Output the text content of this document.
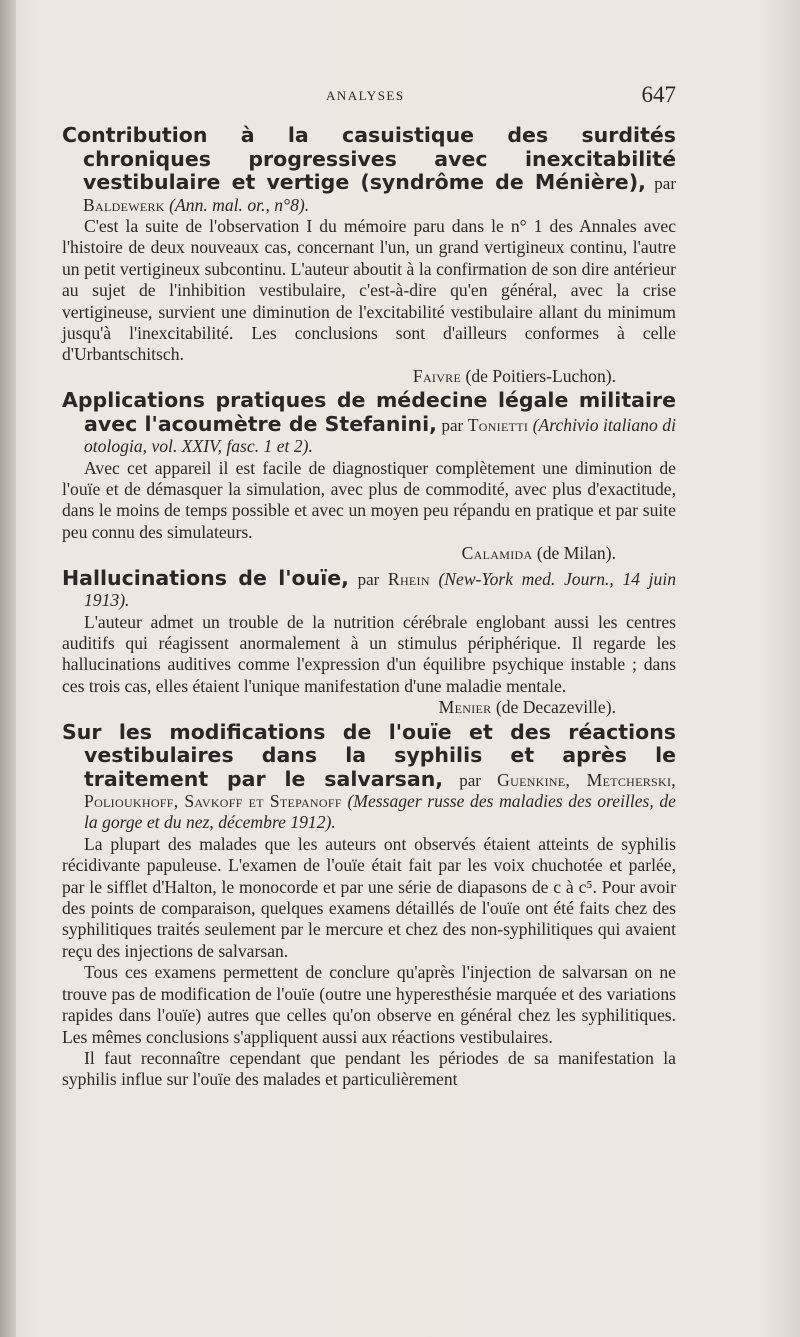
ANALYSES	647

Contribution à la casuistique des surdités chroniques progressives avec inexcitabilité vestibulaire et vertige (syndrôme de Ménière), par Baldewerk (Ann. mal. or., n°8).

C'est la suite de l'observation I du mémoire paru dans le n° 1 des Annales avec l'histoire de deux nouveaux cas, concernant l'un, un grand vertigineux continu, l'autre un petit vertigineux subcontinu. L'auteur aboutit à la confirmation de son dire antérieur au sujet de l'inhibition vestibulaire, c'est-à-dire qu'en général, avec la crise vertigineuse, survient une diminution de l'excitabilité vestibulaire allant du minimum jusqu'à l'inexcitabilité. Les conclusions sont d'ailleurs conformes à celle d'Urbantschitsch.

Faivre (de Poitiers-Luchon).

Applications pratiques de médecine légale militaire avec l'acoumètre de Stefanini, par Tonietti (Archivio italiano di otologia, vol. XXIV, fasc. 1 et 2).

Avec cet appareil il est facile de diagnostiquer complètement une diminution de l'ouïe et de démasquer la simulation, avec plus de commodité, avec plus d'exactitude, dans le moins de temps possible et avec un moyen peu répandu en pratique et par suite peu connu des simulateurs.

Calamida (de Milan).

Hallucinations de l'ouïe, par Rhein (New-York med. Journ., 14 juin 1913).

L'auteur admet un trouble de la nutrition cérébrale englobant aussi les centres auditifs qui réagissent anormalement à un stimulus périphérique. Il regarde les hallucinations auditives comme l'expression d'un équilibre psychique instable ; dans ces trois cas, elles étaient l'unique manifestation d'une maladie mentale.

Menier (de Decazeville).

Sur les modifications de l'ouïe et des réactions vestibulaires dans la syphilis et après le traitement par le salvarsan, par Guenkine, Metcherski, Polioukhoff, Savkoff et Stepanoff (Messager russe des maladies des oreilles, de la gorge et du nez, décembre 1912).

La plupart des malades que les auteurs ont observés étaient atteints de syphilis récidivante papuleuse. L'examen de l'ouïe était fait par les voix chuchotée et parlée, par le sifflet d'Halton, le monocorde et par une série de diapasons de c à c⁵. Pour avoir des points de comparaison, quelques examens détaillés de l'ouïe ont été faits chez des syphilitiques traités seulement par le mercure et chez des non-syphilitiques qui avaient reçu des injections de salvarsan.

Tous ces examens permettent de conclure qu'après l'injection de salvarsan on ne trouve pas de modification de l'ouïe (outre une hyperesthésie marquée et des variations rapides dans l'ouïe) autres que celles qu'on observe en général chez les syphilitiques. Les mêmes conclusions s'appliquent aussi aux réactions vestibulaires.

Il faut reconnaître cependant que pendant les périodes de sa manifestation la syphilis influe sur l'ouïe des malades et particulièrement
